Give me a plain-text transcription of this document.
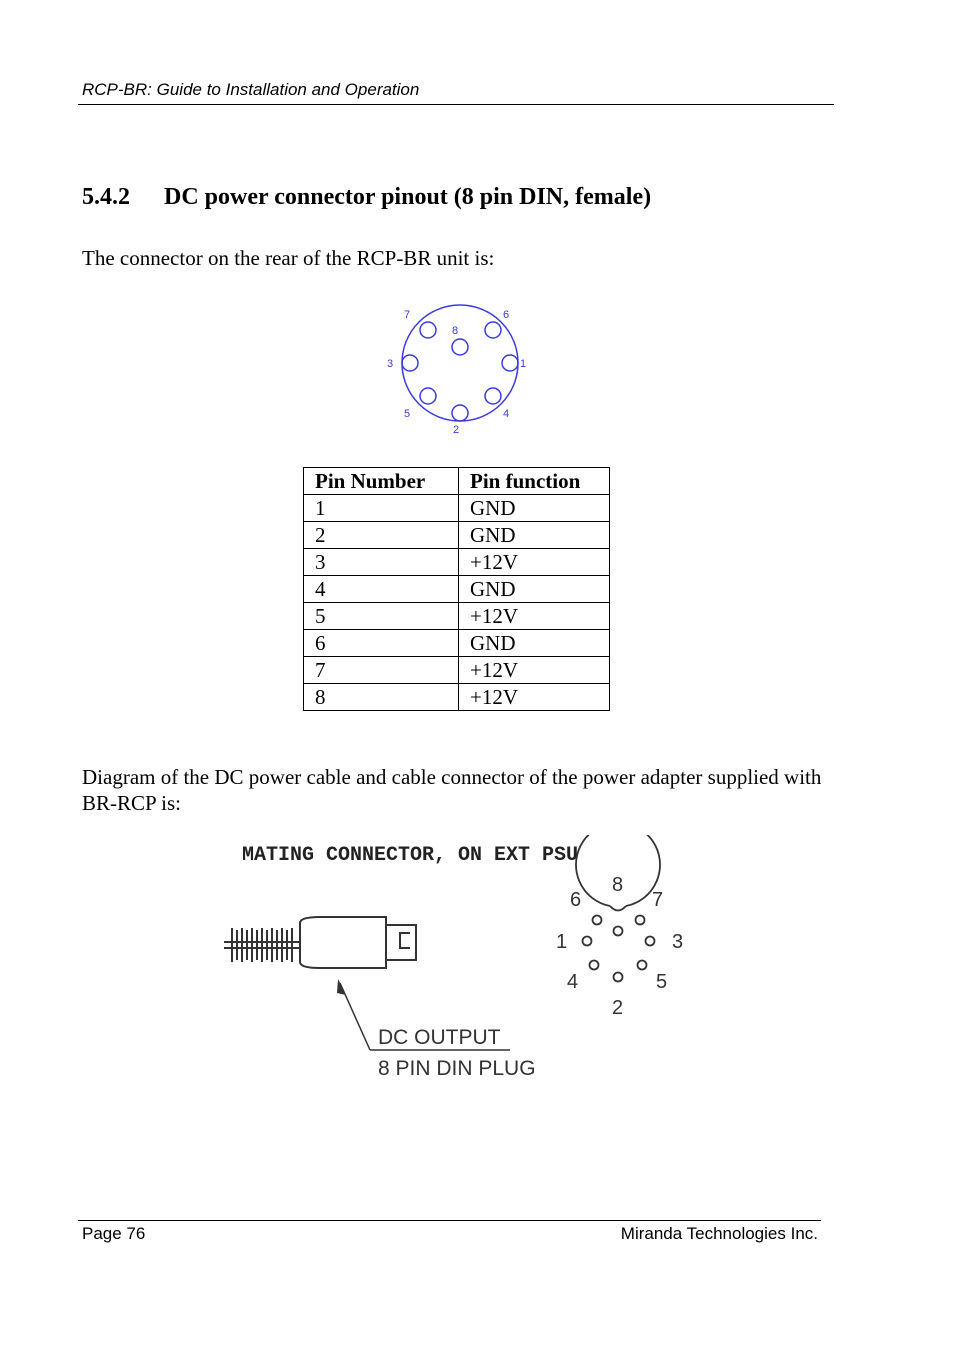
RCP-BR: Guide to Installation and Operation
5.4.2 DC power connector pinout (8 pin DIN, female)
The connector on the rear of the RCP-BR unit is:
7	6
8
3	1
5	4
2
Pin Number	Pin function
1	GND
2	GND
3	+12V
4	GND
5	+12V
6	GND
7	+12V
8	+12V
Diagram of the DC power cable and cable connector of the power adapter supplied with BR-RCP is:
MATING CONNECTOR, ON EXT PSU
DC OUTPUT
8 PIN DIN PLUG
8
6	7
1	3
4	5
2
Page 76	Miranda Technologies Inc.
